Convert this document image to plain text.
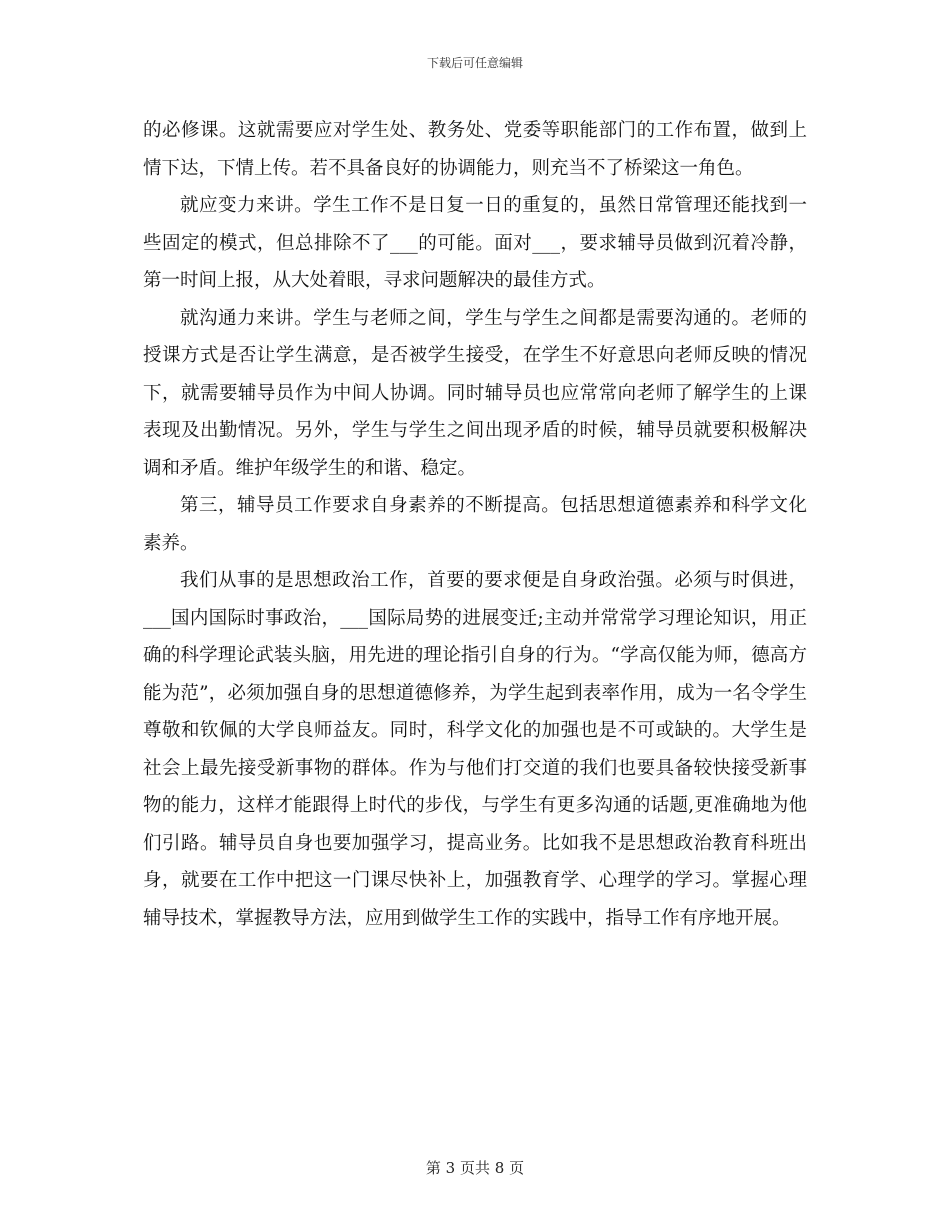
下载后可任意编辑

的必修课。这就需要应对学生处、教务处、党委等职能部门的工作布置，做到上情下达，下情上传。若不具备良好的协调能力，则充当不了桥梁这一角色。

就应变力来讲。学生工作不是日复一日的重复的，虽然日常管理还能找到一些固定的模式，但总排除不了___的可能。面对___，要求辅导员做到沉着冷静，第一时间上报，从大处着眼，寻求问题解决的最佳方式。

就沟通力来讲。学生与老师之间，学生与学生之间都是需要沟通的。老师的授课方式是否让学生满意，是否被学生接受，在学生不好意思向老师反映的情况下，就需要辅导员作为中间人协调。同时辅导员也应常常向老师了解学生的上课表现及出勤情况。另外，学生与学生之间出现矛盾的时候，辅导员就要积极解决调和矛盾。维护年级学生的和谐、稳定。

第三，辅导员工作要求自身素养的不断提高。包括思想道德素养和科学文化素养。

我们从事的是思想政治工作，首要的要求便是自身政治强。必须与时俱进，___国内国际时事政治，___国际局势的进展变迁;主动并常常学习理论知识，用正确的科学理论武装头脑，用先进的理论指引自身的行为。“学高仅能为师，德高方能为范”，必须加强自身的思想道德修养，为学生起到表率作用，成为一名令学生尊敬和钦佩的大学良师益友。同时，科学文化的加强也是不可或缺的。大学生是社会上最先接受新事物的群体。作为与他们打交道的我们也要具备较快接受新事物的能力，这样才能跟得上时代的步伐，与学生有更多沟通的话题,更准确地为他们引路。辅导员自身也要加强学习，提高业务。比如我不是思想政治教育科班出身，就要在工作中把这一门课尽快补上，加强教育学、心理学的学习。掌握心理辅导技术，掌握教导方法，应用到做学生工作的实践中，指导工作有序地开展。

第 3 页共 8 页
